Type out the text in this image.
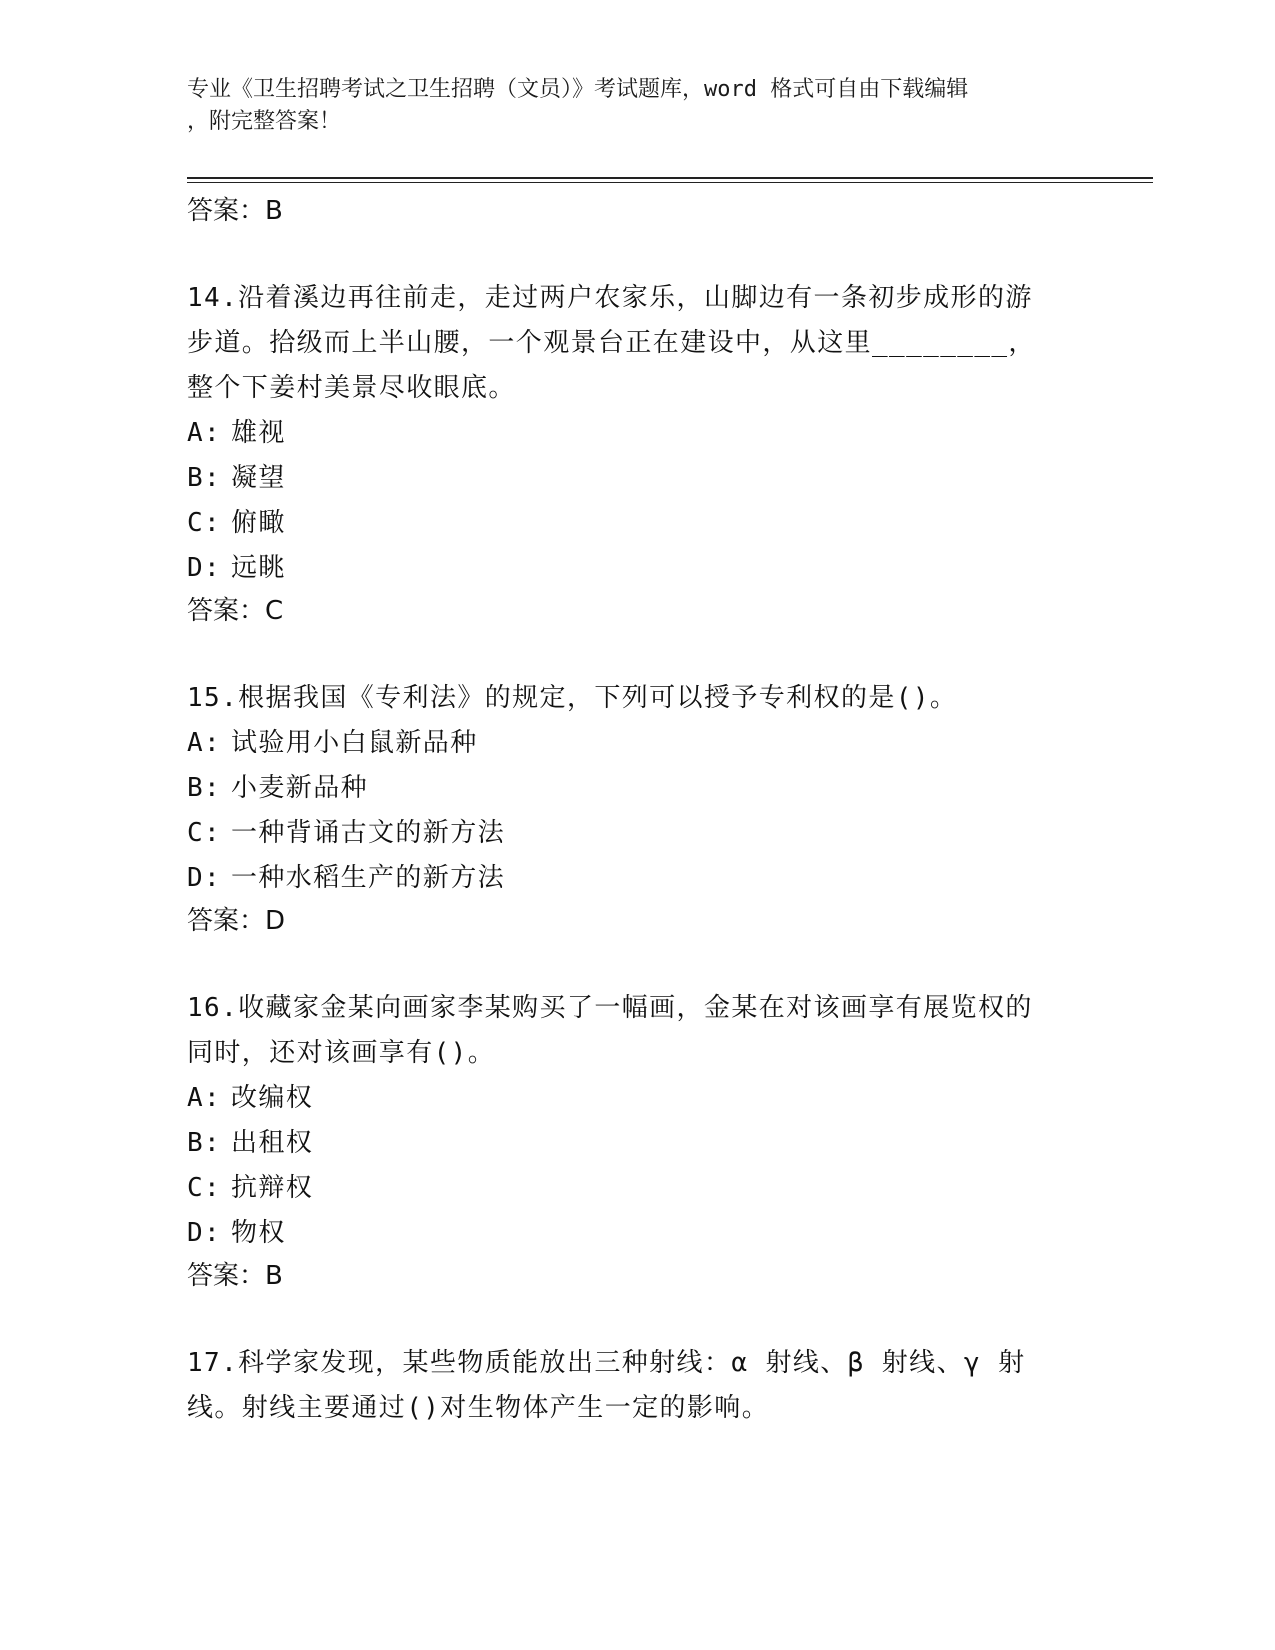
专业《卫生招聘考试之卫生招聘（文员）》考试题库，word 格式可自由下载编辑
，附完整答案！
答案：B
14.沿着溪边再往前走，走过两户农家乐，山脚边有一条初步成形的游
步道。拾级而上半山腰，一个观景台正在建设中，从这里________，
整个下姜村美景尽收眼底。
A: 雄视
B: 凝望
C: 俯瞰
D: 远眺
答案：C
15.根据我国《专利法》的规定，下列可以授予专利权的是()。
A: 试验用小白鼠新品种
B: 小麦新品种
C: 一种背诵古文的新方法
D: 一种水稻生产的新方法
答案：D
16.收藏家金某向画家李某购买了一幅画，金某在对该画享有展览权的
同时，还对该画享有()。
A: 改编权
B: 出租权
C: 抗辩权
D: 物权
答案：B
17.科学家发现，某些物质能放出三种射线：α 射线、β 射线、γ 射
线。射线主要通过()对生物体产生一定的影响。
